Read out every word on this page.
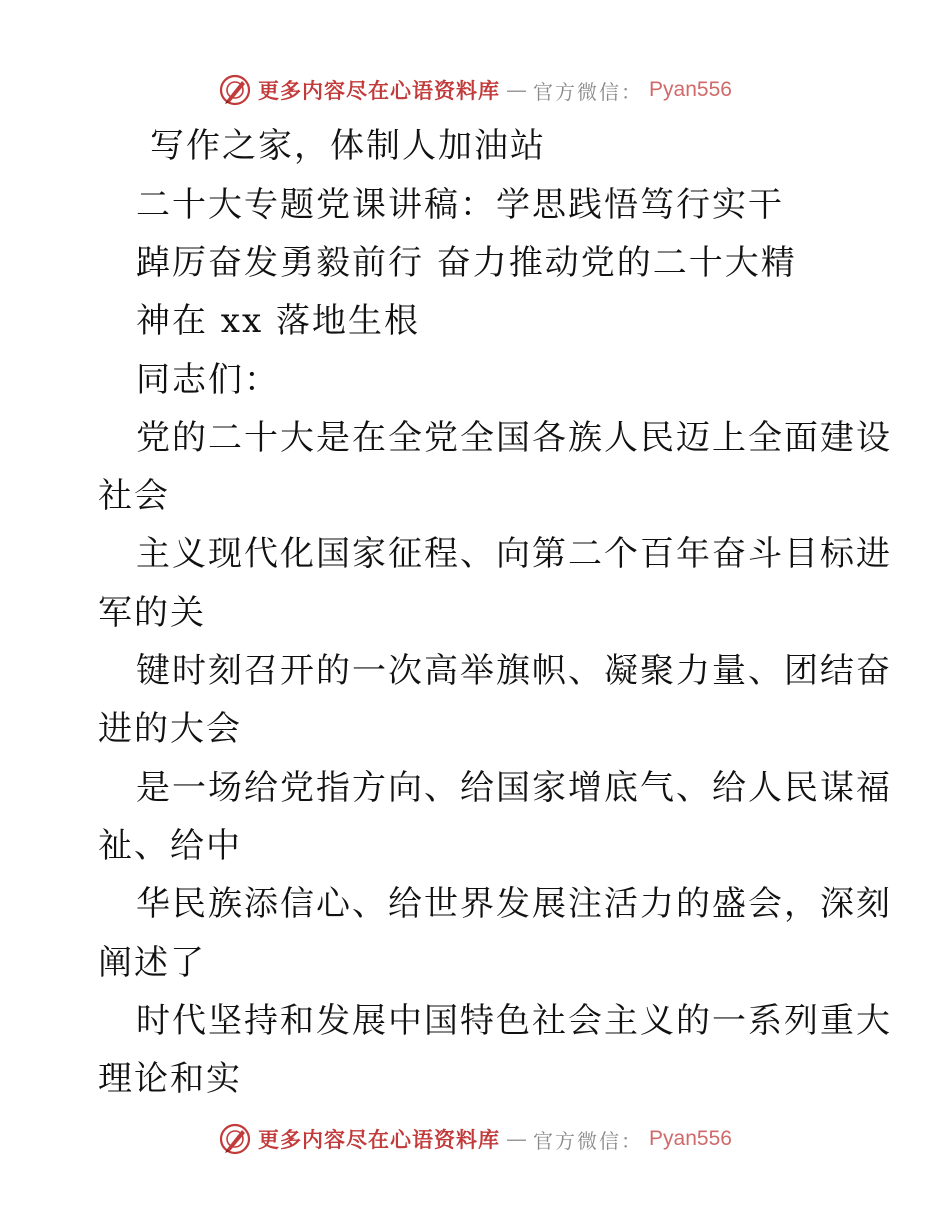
更多内容尽在心语资料库 — 官方微信： Pyan556
写作之家，体制人加油站
二十大专题党课讲稿：学思践悟笃行实干
踔厉奋发勇毅前行 奋力推动党的二十大精
神在 xx 落地生根
同志们：
党的二十大是在全党全国各族人民迈上全面建设
社会
主义现代化国家征程、向第二个百年奋斗目标进
军的关
键时刻召开的一次高举旗帜、凝聚力量、团结奋
进的大会
是一场给党指方向、给国家增底气、给人民谋福
祉、给中
华民族添信心、给世界发展注活力的盛会，深刻
阐述了
时代坚持和发展中国特色社会主义的一系列重大
理论和实
更多内容尽在心语资料库 — 官方微信： Pyan556
